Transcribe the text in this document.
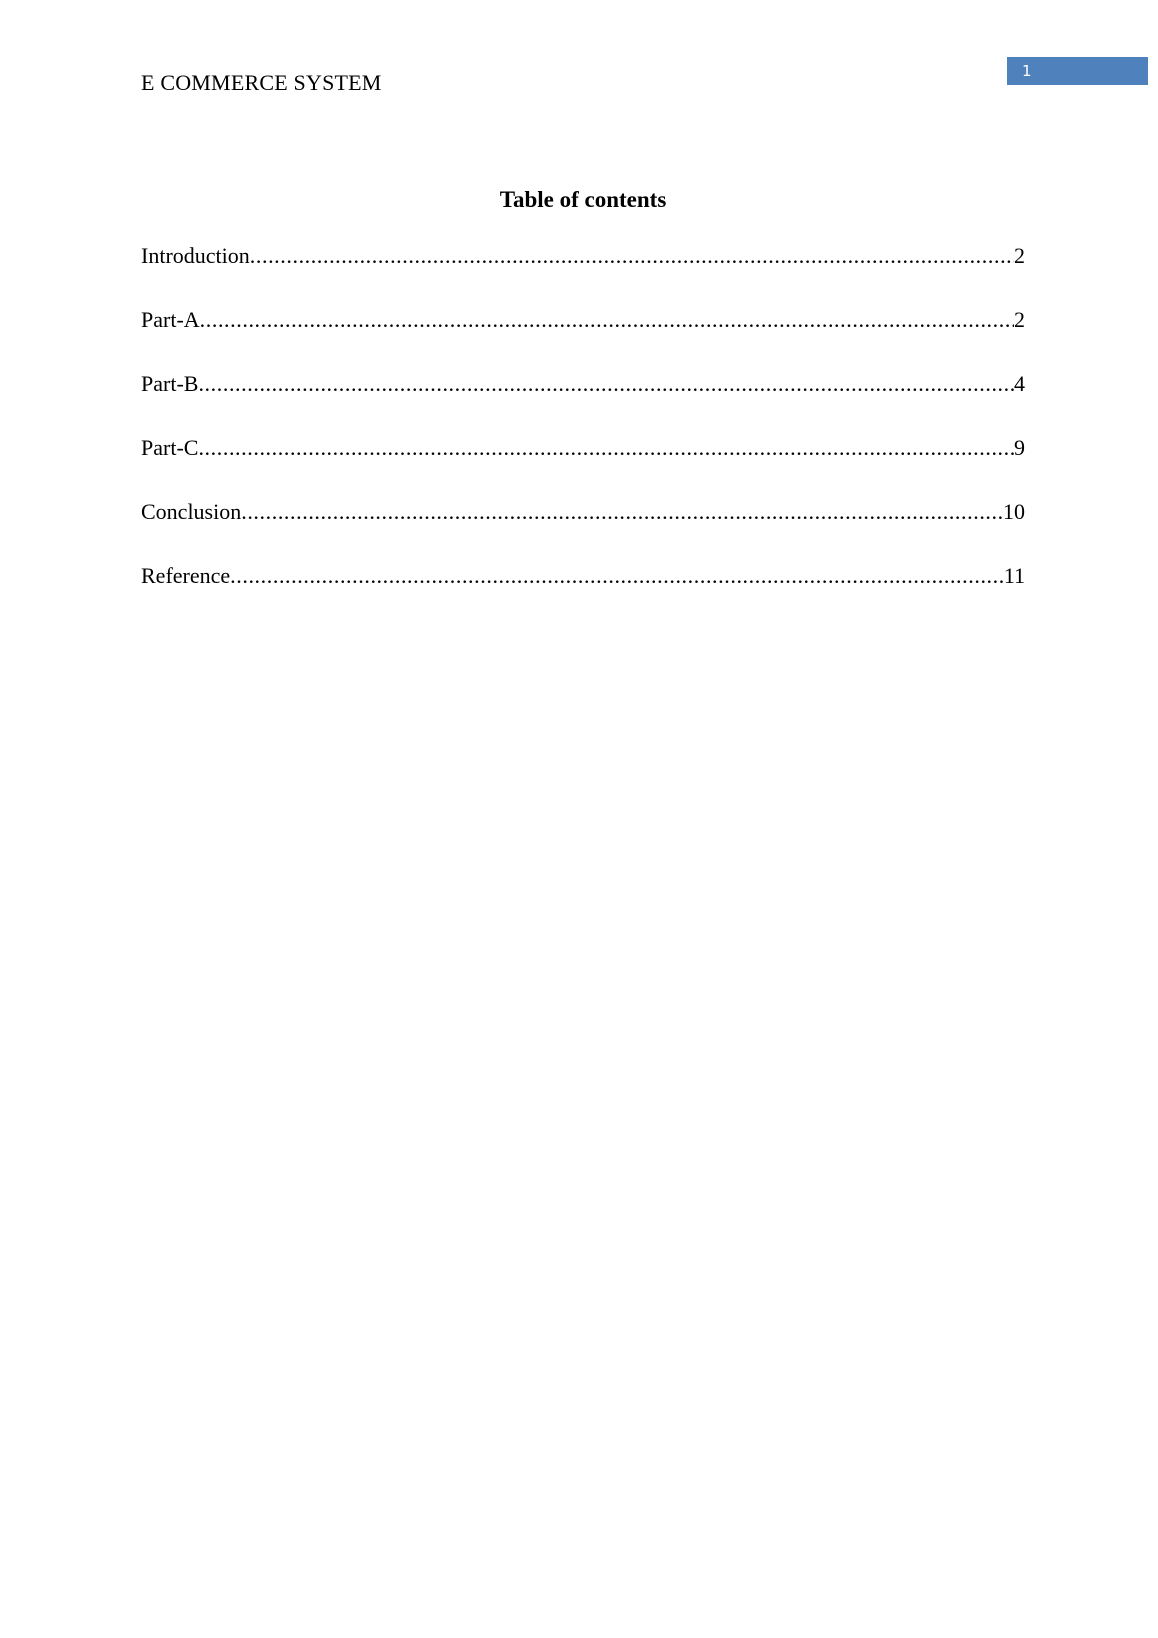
E COMMERCE SYSTEM	1
Table of contents
Introduction .....	2
Part-A .....	2
Part-B .....	4
Part-C .....	9
Conclusion .....	10
Reference .....	11
